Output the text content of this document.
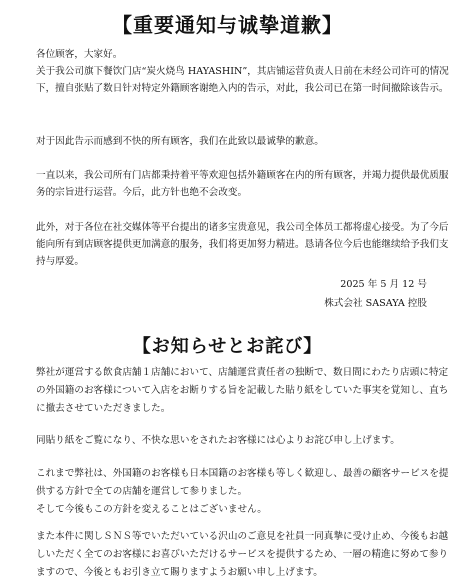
【重要通知与诚挚道歉】

各位顾客，大家好。

关于我公司旗下餐饮门店“炭火烧鸟 HAYASHIN”，其店铺运营负责人日前在未经公司许可的情况下，擅自张贴了数日针对特定外籍顾客谢绝入内的告示，对此，我公司已在第一时间撤除该告示。

对于因此告示而感到不快的所有顾客，我们在此致以最诚挚的歉意。

一直以来，我公司所有门店都秉持着平等欢迎包括外籍顾客在内的所有顾客，并竭力提供最优质服务的宗旨进行运营。今后，此方针也绝不会改变。

此外，对于各位在社交媒体等平台提出的诸多宝贵意见，我公司全体员工都将虚心接受。为了今后能向所有到店顾客提供更加满意的服务，我们将更加努力精进。恳请各位今后也能继续给予我们支持与厚爱。

2025 年 5 月 12 号
株式会社 SASAYA 控股
【お知らせとお詫び】

弊社が運営する飲食店舗１店舗において、店舗運営責任者の独断で、数日間にわたり店頭に特定の外国籍のお客様について入店をお断りする旨を記載した貼り紙をしていた事実を覚知し、直ちに撤去させていただきました。

同貼り紙をご覧になり、不快な思いをされたお客様には心よりお詫び申し上げます。

これまで弊社は、外国籍のお客様も日本国籍のお客様も等しく歓迎し、最善の顧客サービスを提供する方針で全ての店舗を運営して参りました。

そして今後もこの方針を変えることはございません。

また本件に関しＳＮＳ等でいただいている沢山のご意見を社員一同真摯に受け止め、今後もお越しいただく全てのお客様にお喜びいただけるサービスを提供するため、一層の精進に努めて参りますので、今後ともお引き立て賜りますようお願い申し上げます。
